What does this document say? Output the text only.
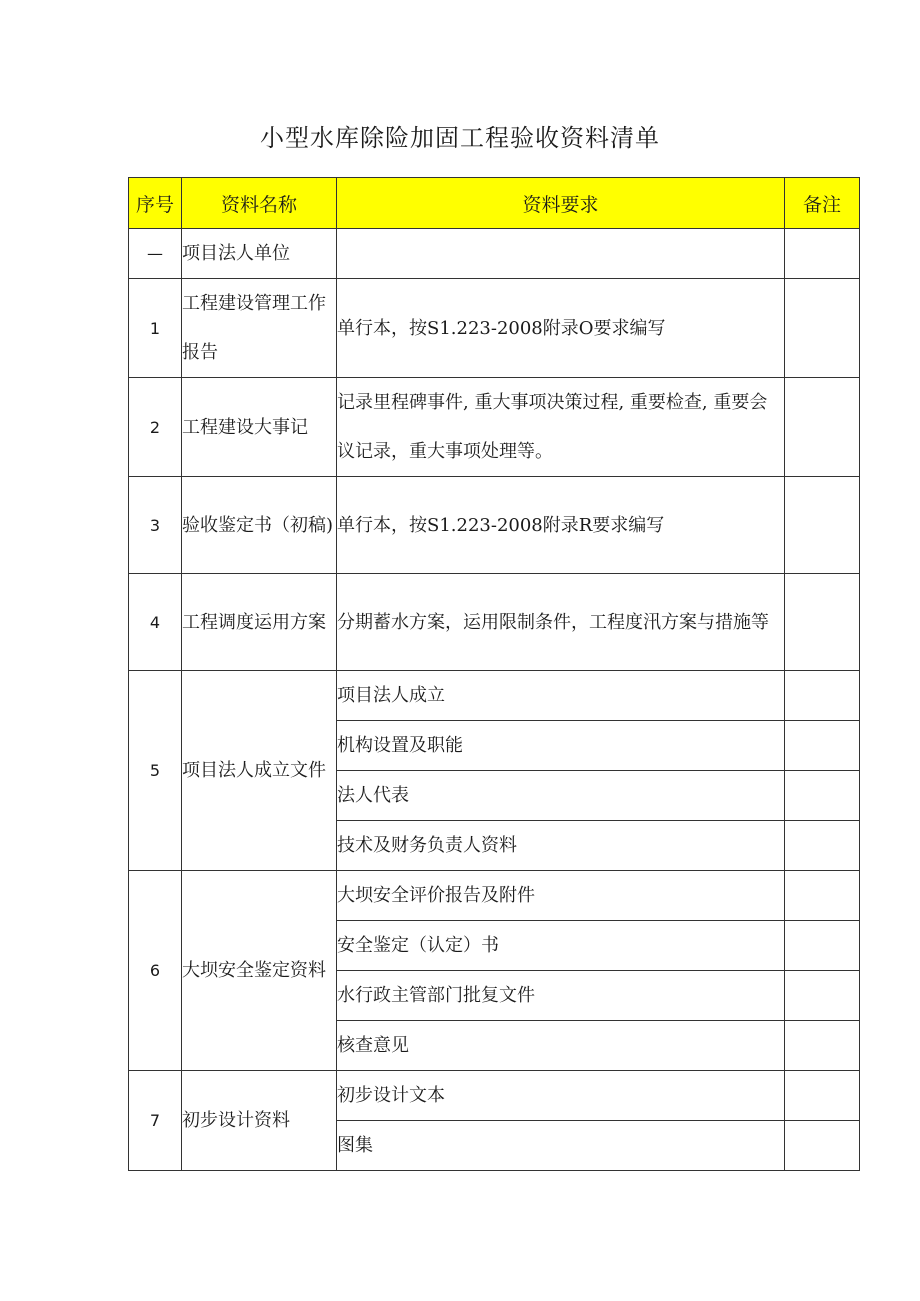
小型水库除险加固工程验收资料清单
序号	资料名称	资料要求	备注
—	项目法人单位		
1	工程建设管理工作报告	单行本，按S1.223-2008附录O要求编写	
2	工程建设大事记	记录里程碑事件, 重大事项决策过程, 重要检查, 重要会议记录，重大事项处理等。	
3	验收鉴定书（初稿)	单行本，按S1.223-2008附录R要求编写	
4	工程调度运用方案	分期蓄水方案，运用限制条件，工程度汛方案与措施等	
5	项目法人成立文件	项目法人成立	
		机构设置及职能	
		法人代表	
		技术及财务负责人资料	
6	大坝安全鉴定资料	大坝安全评价报告及附件	
		安全鉴定（认定）书	
		水行政主管部门批复文件	
		核查意见	
7	初步设计资料	初步设计文本	
		图集	
